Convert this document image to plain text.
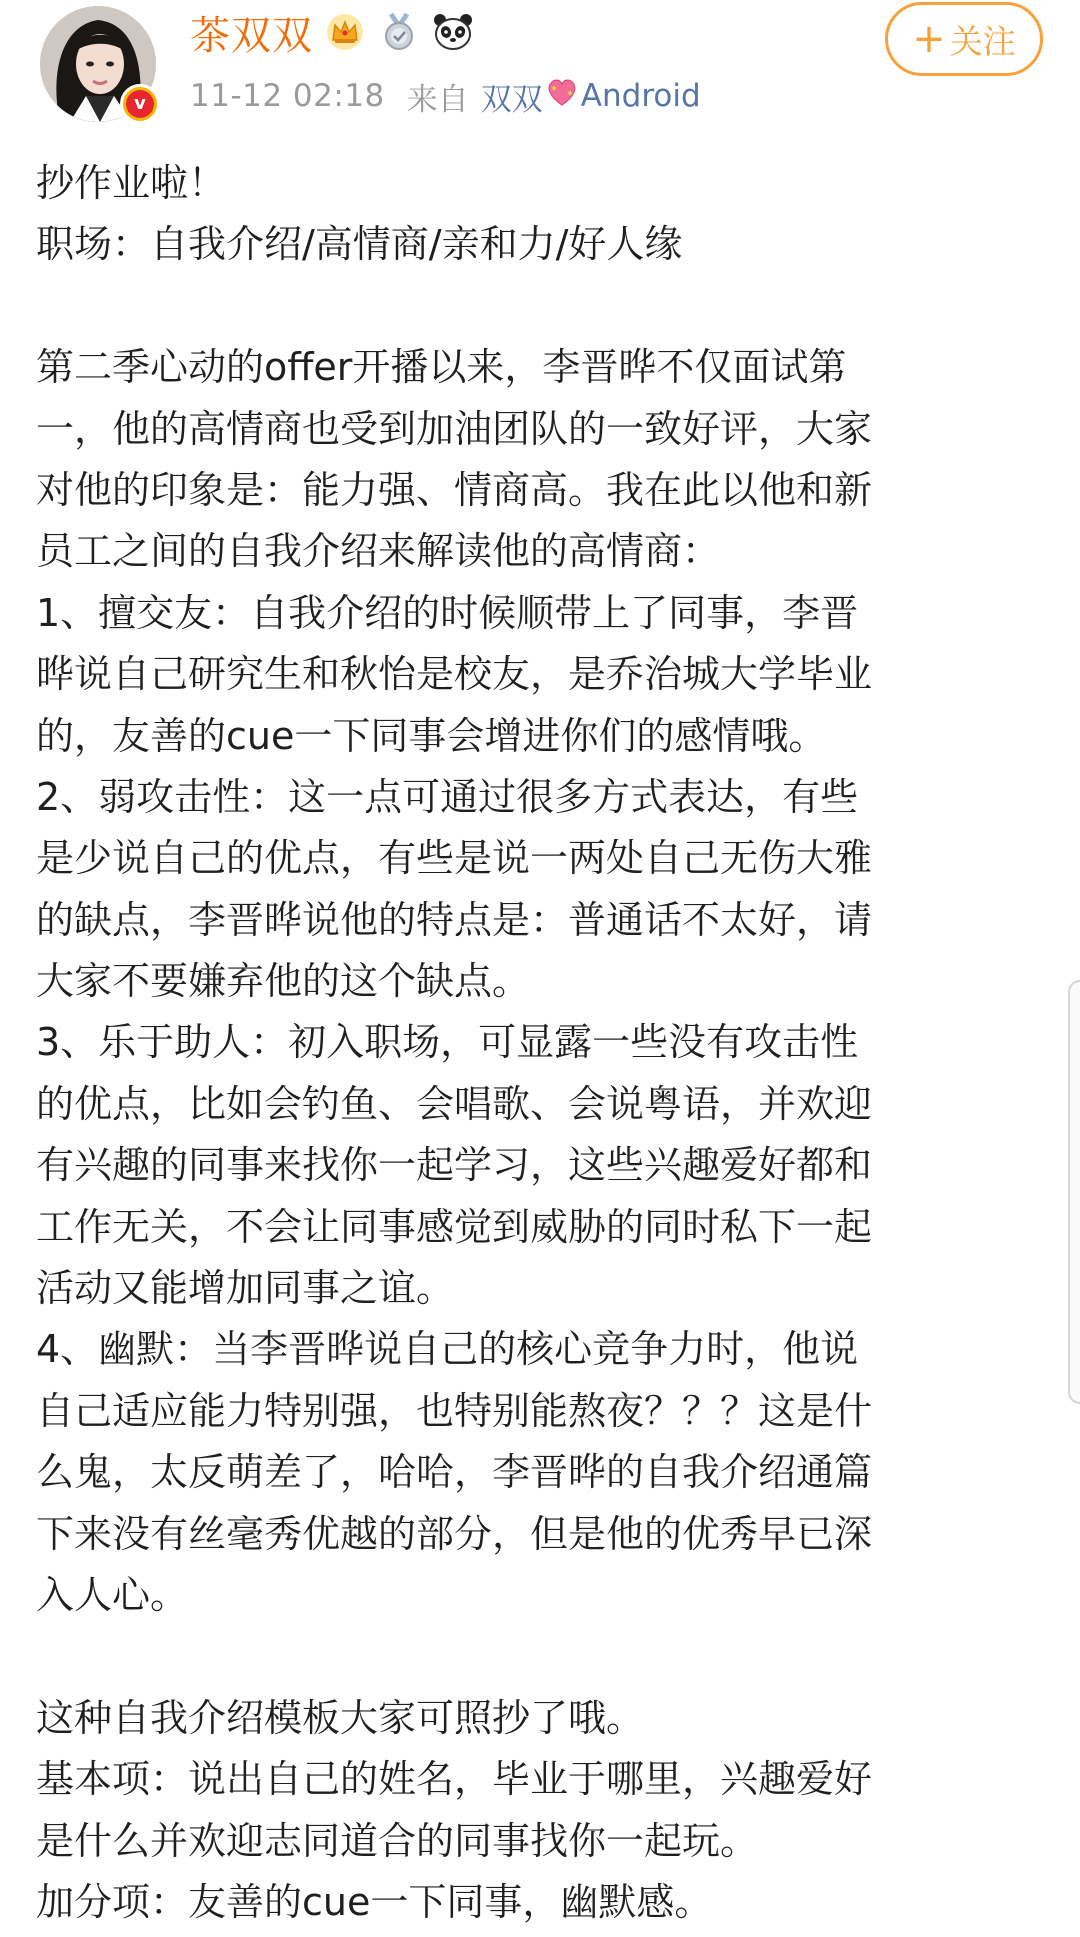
v
茶双双
11-12 02:18 来自 双双 Android
+ 关注
抄作业啦！
职场：自我介绍/高情商/亲和力/好人缘
第二季心动的offer开播以来，李晋晔不仅面试第
一，他的高情商也受到加油团队的一致好评，大家
对他的印象是：能力强、情商高。我在此以他和新
员工之间的自我介绍来解读他的高情商：
1、擅交友：自我介绍的时候顺带上了同事，李晋
晔说自己研究生和秋怡是校友，是乔治城大学毕业
的，友善的cue一下同事会增进你们的感情哦。
2、弱攻击性：这一点可通过很多方式表达，有些
是少说自己的优点，有些是说一两处自己无伤大雅
的缺点，李晋晔说他的特点是：普通话不太好，请
大家不要嫌弃他的这个缺点。
3、乐于助人：初入职场，可显露一些没有攻击性
的优点，比如会钓鱼、会唱歌、会说粤语，并欢迎
有兴趣的同事来找你一起学习，这些兴趣爱好都和
工作无关，不会让同事感觉到威胁的同时私下一起
活动又能增加同事之谊。
4、幽默：当李晋晔说自己的核心竞争力时，他说
自己适应能力特别强，也特别能熬夜？？？这是什
么鬼，太反萌差了，哈哈，李晋晔的自我介绍通篇
下来没有丝毫秀优越的部分，但是他的优秀早已深
入人心。
这种自我介绍模板大家可照抄了哦。
基本项：说出自己的姓名，毕业于哪里，兴趣爱好
是什么并欢迎志同道合的同事找你一起玩。
加分项：友善的cue一下同事，幽默感。
